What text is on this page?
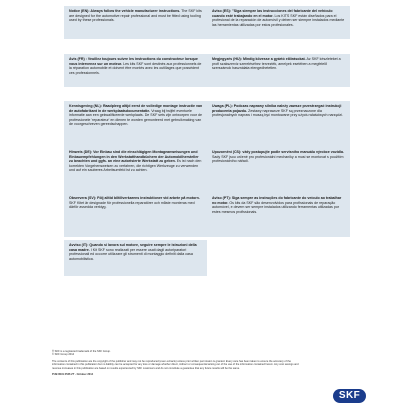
Notice (EN): Always follow the vehicle manufacturer instructions. The SKF kits are designed for the automotive repair professional and must be fitted using tooling used by these professionals.

Aviso (ES): "Siga siempre las instrucciones del fabricante del vehículo cuando esté trabajando en el motor. Los KITS SKF están diseñados para el profesional de la reparación de automóvil y deben ser siempre instalados mediante las herramientas utilizadas por estos profesionales.

Avis (FR) : Veuillez toujours suivre les instructions du constructeur lorsque vous intervenez sur un moteur. Les kits SKF sont destinés aux professionnels de la réparation automobile et doivent être montés avec les outillages que possèdent ces professionnels.

Megjegyzés (HU): Mindig kövesse a gyártó előírásokat. Az SKF készleteket a profi szakszerviz szereléséhez tervezték, amelyek esetében a megfelelő szerszámok használata elengedhetetlen.

Kennisgeving (NL): Raadpleeg altijd eerst de volledige montage instructie van de autofabrikant in de werkplaatsdocumentatie. Vraag bij twijfel eventuele informatie aan een gekwalificeerde werkplaats. De SKF sets zijn ontworpen voor de professionele 'reparateur' en dienen te worden gemonteerd met gebruikmaking van de voorgeschreven gereedschappen.

Uwaga (PL): Podczas naprawy silnika należy zawsze przestrzegać instrukcji producenta pojazdu. Zestawy naprawcze SKF są przeznaczone dla profesjonalnych napraw i muszą być montowane przy użyciu właściwych narzędzi.

Hinweis (DE): Vor Einbau sind die einschlägigen Montageanweisungen und Einbauempfehlungen in den Werkstatthandbüchern der Automobilhersteller zu beachten und ggfs. an eine autorisierte Werkstatt zu geben. Es ist nach den korrekten Vorgehensweisen zu verfahren, die richtigen Werkzeuge zu verwenden und auf ein sauberes Arbeitsumfeld ist zu achten.

Upozornění (CS): vždy postupujte podle servisního manuálu výrobce vozidla. Sady SKF jsou určené pro profesionální mechaniky a musí se montovat s použitím profesionálního nářadí.

Observera (SV): Följ alltid biltillverkarens instruktioner vid arbete på motorn. SKF Kitet är designade för professionella reparatörer och måste monteras med därför avsedda verktyg.

Aviso (PT): Siga sempre as instruções do fabricante do veículo ao trabalhar no motor. Os kits da SKF são desenvolvidos para profissionais de reparação automóvel, e devem ser sempre instalados utilizando ferramentas utilizadas por estes mesmos profissionais.

Avviso (IT): Quando si lavora sul motore, seguire sempre le istruzioni della casa madre. I Kit SKF sono realizzati per essere usati dagli autoriparatori professionali ed occorre utilizzare gli strumenti di montaggio definiti dalla casa automobilistica.

® SKF is a registered trademark of the SKF Group.

© SKF Group 2014

The contents of this publication are the copyright of the publisher and may not be reproduced (even extracts) unless prior written permission is granted. Every care has been taken to ensure the accuracy of the information contained in this publication but no liability can be accepted for any loss or damage whether direct, indirect or consequential arising out of the use of the information contained herein. Any cost savings and revenue increases in this publication are based on results experienced by SKF customers and do not constitute a guarantee that any future results will be the same.

PUB 80/I1 2526 ZT · October 2014

SKF
